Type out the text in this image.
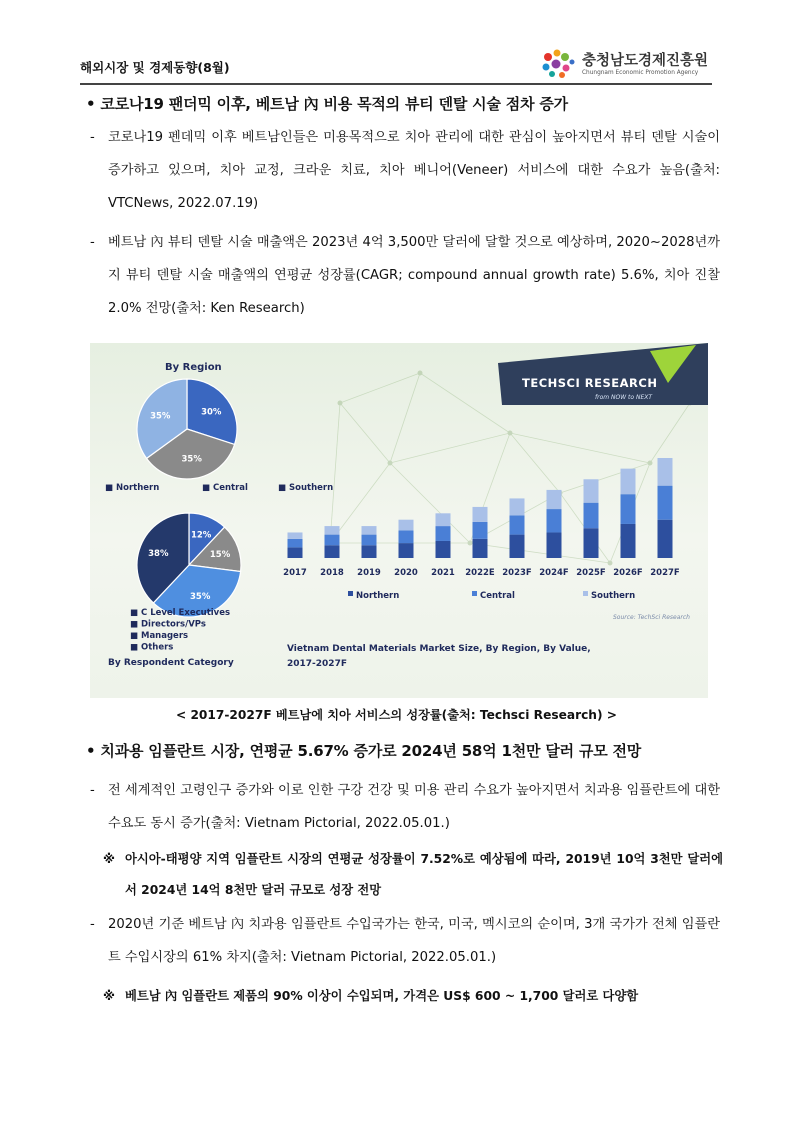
해외시장 및 경제동향(8월)	충청남도경제진흥원
Chungnam Economic Promotion Agency
• 코로나19 팬더믹 이후, 베트남 內 비용 목적의 뷰티 덴탈 시술 점차 증가
-	코로나19 펜데믹 이후 베트남인들은 미용목적으로 치아 관리에 대한 관심이 높아지면서 뷰티 덴탈 시술이 증가하고 있으며, 치아 교정, 크라운 치료, 치아 베니어(Veneer) 서비스에 대한 수요가 높음(출처: VTCNews, 2022.07.19)
-	베트남 內 뷰티 덴탈 시술 매출액은 2023년 4억 3,500만 달러에 달할 것으로 예상하며, 2020~2028년까지 뷰티 덴탈 시술 매출액의 연평균 성장률(CAGR; compound annual growth rate) 5.6%, 치아 진찰 2.0% 전망(출처: Ken Research)
TECHSCI RESEARCH
from NOW to NEXT
By Region
30%
35%
35%
■ Northern	■ Central	■ Southern
12%
15%
35%
38%
■ C Level Executives
■ Directors/VPs
■ Managers
■ Others
By Respondent Category
2017 2018 2019 2020 2021 2022E 2023F 2024F 2025F 2026F 2027F
Northern	Central	Southern
Source: TechSci Research
Vietnam Dental Materials Market Size, By Region, By Value,
2017-2027F
< 2017-2027F 베트남에 치아 서비스의 성장률(출처: Techsci Research) >
• 치과용 임플란트 시장, 연평균 5.67% 증가로 2024년 58억 1천만 달러 규모 전망
-	전 세계적인 고령인구 증가와 이로 인한 구강 건강 및 미용 관리 수요가 높아지면서 치과용 임플란트에 대한 수요도 동시 증가(출처: Vietnam Pictorial, 2022.05.01.)
※ 아시아-태평양 지역 임플란트 시장의 연평균 성장률이 7.52%로 예상됨에 따라, 2019년 10억 3천만 달러에서 2024년 14억 8천만 달러 규모로 성장 전망
-	2020년 기준 베트남 內 치과용 임플란트 수입국가는 한국, 미국, 멕시코의 순이며, 3개 국가가 전체 임플란트 수입시장의 61% 차지(출처: Vietnam Pictorial, 2022.05.01.)
※ 베트남 內 임플란트 제품의 90% 이상이 수입되며, 가격은 US$ 600 ~ 1,700 달러로 다양함
